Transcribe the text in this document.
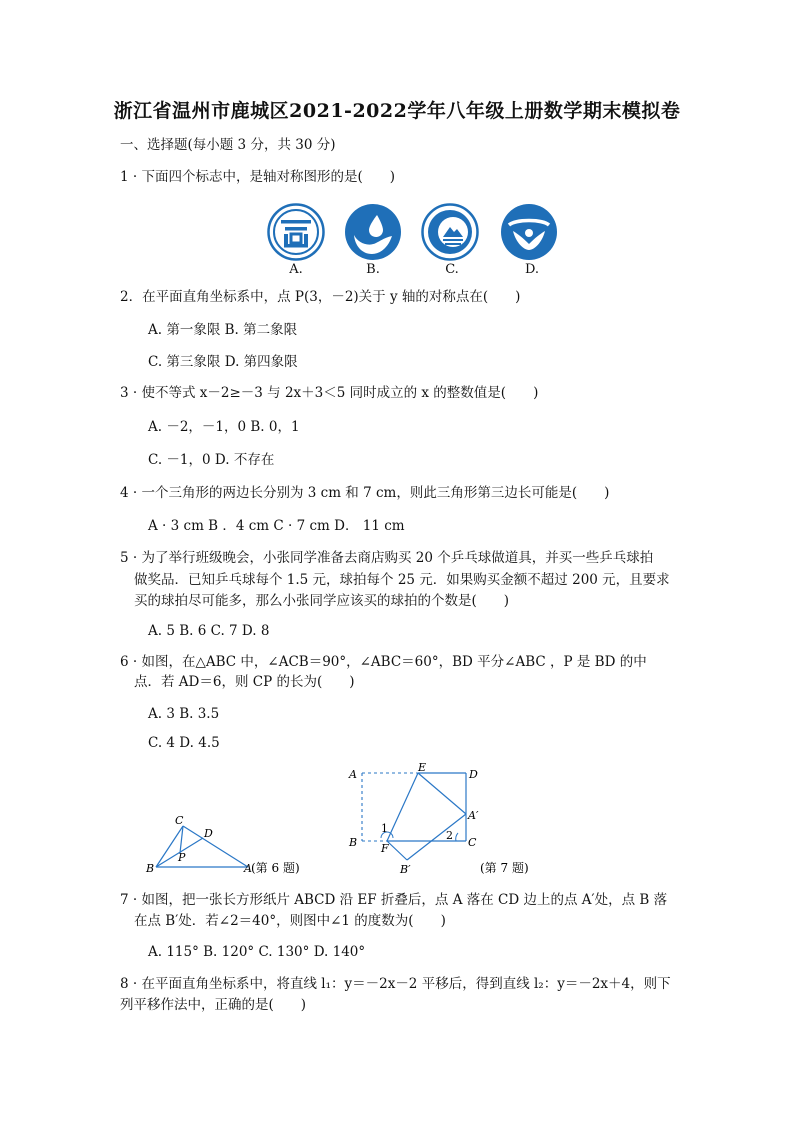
浙江省温州市鹿城区2021-2022学年八年级上册数学期末模拟卷
一、选择题(每小题 3 分，共 30 分)
1 · 下面四个标志中，是轴对称图形的是(　　)
A.	B.	C.	D.
2．在平面直角坐标系中，点 P(3，－2)关于 y 轴的对称点在(　　)
A. 第一象限 B. 第二象限
C. 第三象限 D. 第四象限
3 · 使不等式 x－2≥－3 与 2x＋3＜5 同时成立的 x 的整数值是(　　)
A. －2，－1，0 B. 0，1
C. －1，0 D. 不存在
4 · 一个三角形的两边长分别为 3 cm 和 7 cm，则此三角形第三边长可能是(　　)
A · 3 cm B ．4 cm C · 7 cm D． 11 cm
5 · 为了举行班级晚会，小张同学准备去商店购买 20 个乒乓球做道具，并买一些乒乓球拍
做奖品．已知乒乓球每个 1.5 元，球拍每个 25 元．如果购买金额不超过 200 元，且要求
买的球拍尽可能多，那么小张同学应该买的球拍的个数是(　　)
A. 5 B. 6 C. 7 D. 8
6 · 如图，在△ABC 中，∠ACB＝90°，∠ABC＝60°，BD 平分∠ABC ，P 是 BD 的中
点．若 AD＝6，则 CP 的长为(　　)
A. 3 B. 3.5
C. 4 D. 4.5
B
C
D
P
A (第 6 题)
A
E
D
A′
B F
1
2
C
B′	(第 7 题)
7 · 如图，把一张长方形纸片 ABCD 沿 EF 折叠后，点 A 落在 CD 边上的点 A′处，点 B 落
在点 B′处．若∠2＝40°，则图中∠1 的度数为(　　)
A. 115° B. 120° C. 130° D. 140°
8 · 在平面直角坐标系中，将直线 l₁：y＝－2x－2 平移后，得到直线 l₂：y＝－2x＋4，则下
列平移作法中，正确的是(　　)
